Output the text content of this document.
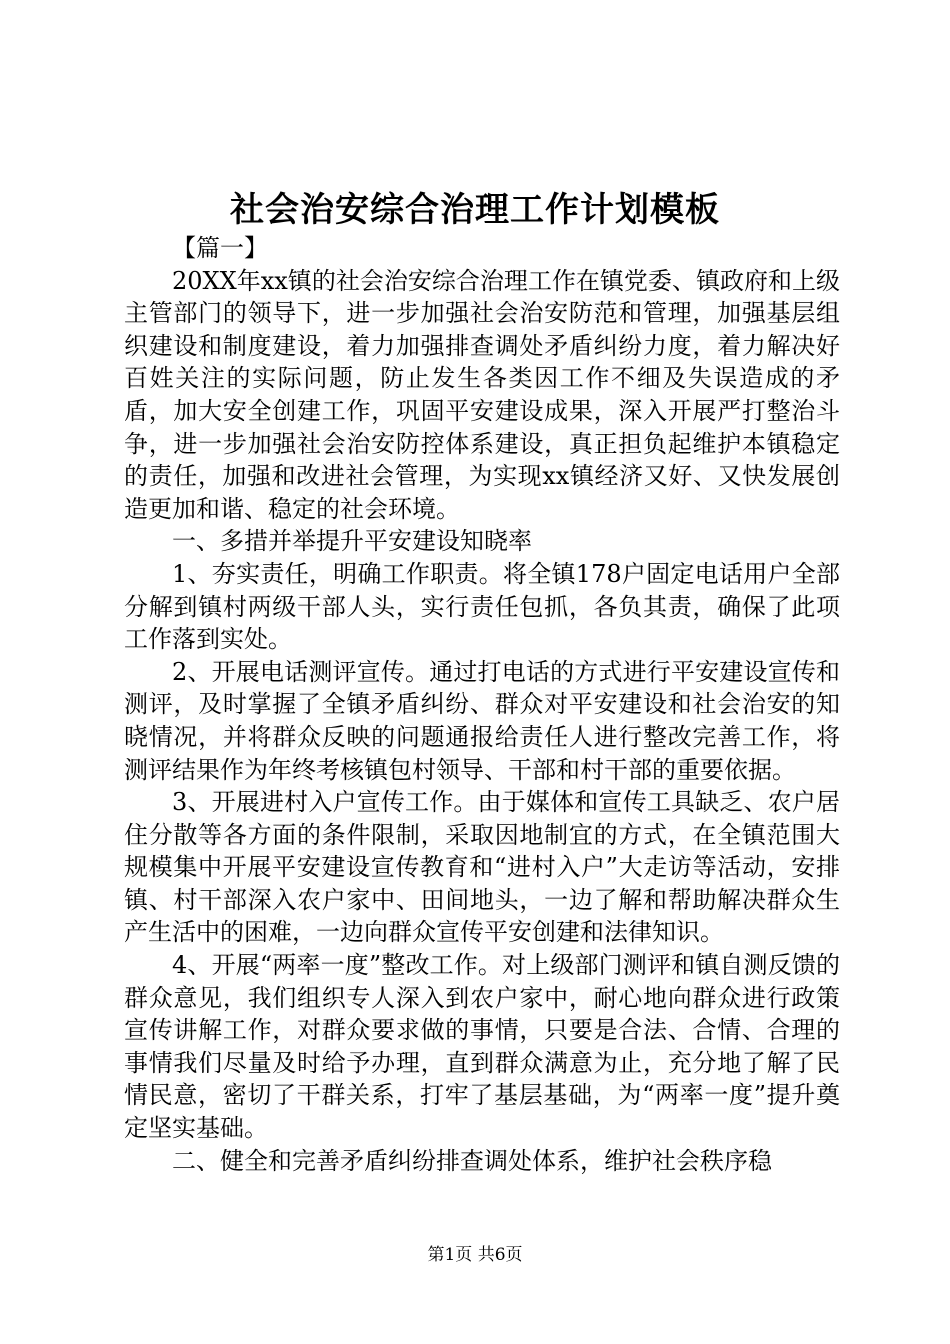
社会治安综合治理工作计划模板

【篇一】

20XX年xx镇的社会治安综合治理工作在镇党委、镇政府和上级主管部门的领导下，进一步加强社会治安防范和管理，加强基层组织建设和制度建设，着力加强排查调处矛盾纠纷力度，着力解决好百姓关注的实际问题，防止发生各类因工作不细及失误造成的矛盾，加大安全创建工作，巩固平安建设成果，深入开展严打整治斗争，进一步加强社会治安防控体系建设，真正担负起维护本镇稳定的责任，加强和改进社会管理，为实现xx镇经济又好、又快发展创造更加和谐、稳定的社会环境。

一、多措并举提升平安建设知晓率

1、夯实责任，明确工作职责。将全镇178户固定电话用户全部分解到镇村两级干部人头，实行责任包抓，各负其责，确保了此项工作落到实处。

2、开展电话测评宣传。通过打电话的方式进行平安建设宣传和测评，及时掌握了全镇矛盾纠纷、群众对平安建设和社会治安的知晓情况，并将群众反映的问题通报给责任人进行整改完善工作，将测评结果作为年终考核镇包村领导、干部和村干部的重要依据。

3、开展进村入户宣传工作。由于媒体和宣传工具缺乏、农户居住分散等各方面的条件限制，采取因地制宜的方式，在全镇范围大规模集中开展平安建设宣传教育和“进村入户”大走访等活动，安排镇、村干部深入农户家中、田间地头，一边了解和帮助解决群众生产生活中的困难，一边向群众宣传平安创建和法律知识。

4、开展“两率一度”整改工作。对上级部门测评和镇自测反馈的群众意见，我们组织专人深入到农户家中，耐心地向群众进行政策宣传讲解工作，对群众要求做的事情，只要是合法、合情、合理的事情我们尽量及时给予办理，直到群众满意为止，充分地了解了民情民意，密切了干群关系，打牢了基层基础，为“两率一度”提升奠定坚实基础。

二、健全和完善矛盾纠纷排查调处体系，维护社会秩序稳

第1页 共6页
